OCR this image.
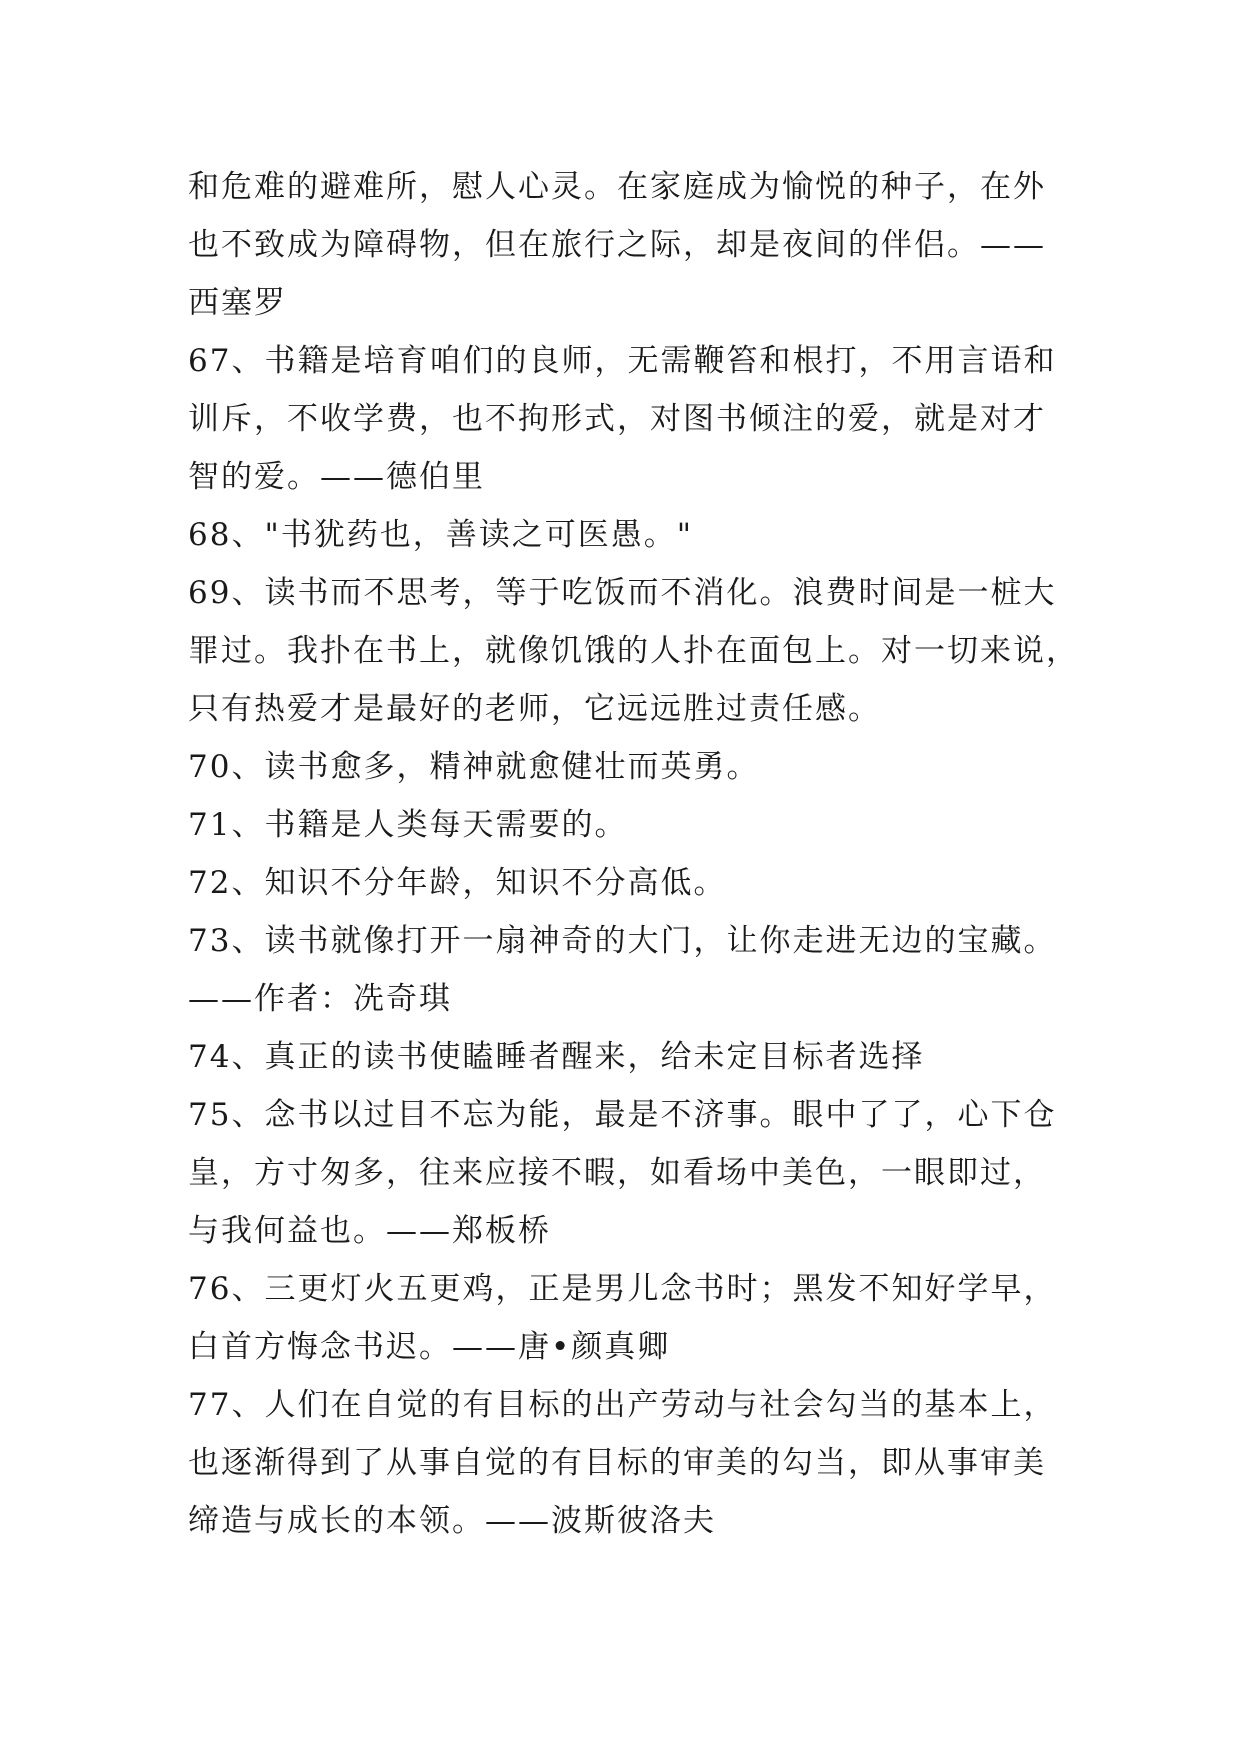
和危难的避难所，慰人心灵。在家庭成为愉悦的种子，在外
也不致成为障碍物，但在旅行之际，却是夜间的伴侣。——
西塞罗
67、书籍是培育咱们的良师，无需鞭笞和根打，不用言语和
训斥，不收学费，也不拘形式，对图书倾注的爱，就是对才
智的爱。——德伯里
68、"书犹药也，善读之可医愚。"
69、读书而不思考，等于吃饭而不消化。浪费时间是一桩大
罪过。我扑在书上，就像饥饿的人扑在面包上。对一切来说，
只有热爱才是最好的老师，它远远胜过责任感。
70、读书愈多，精神就愈健壮而英勇。
71、书籍是人类每天需要的。
72、知识不分年龄，知识不分高低。
73、读书就像打开一扇神奇的大门，让你走进无边的宝藏。
——作者：冼奇琪
74、真正的读书使瞌睡者醒来，给未定目标者选择
75、念书以过目不忘为能，最是不济事。眼中了了，心下仓
皇，方寸匆多，往来应接不暇，如看场中美色，一眼即过，
与我何益也。——郑板桥
76、三更灯火五更鸡，正是男儿念书时；黑发不知好学早，
白首方悔念书迟。——唐•颜真卿
77、人们在自觉的有目标的出产劳动与社会勾当的基本上，
也逐渐得到了从事自觉的有目标的审美的勾当，即从事审美
缔造与成长的本领。——波斯彼洛夫
